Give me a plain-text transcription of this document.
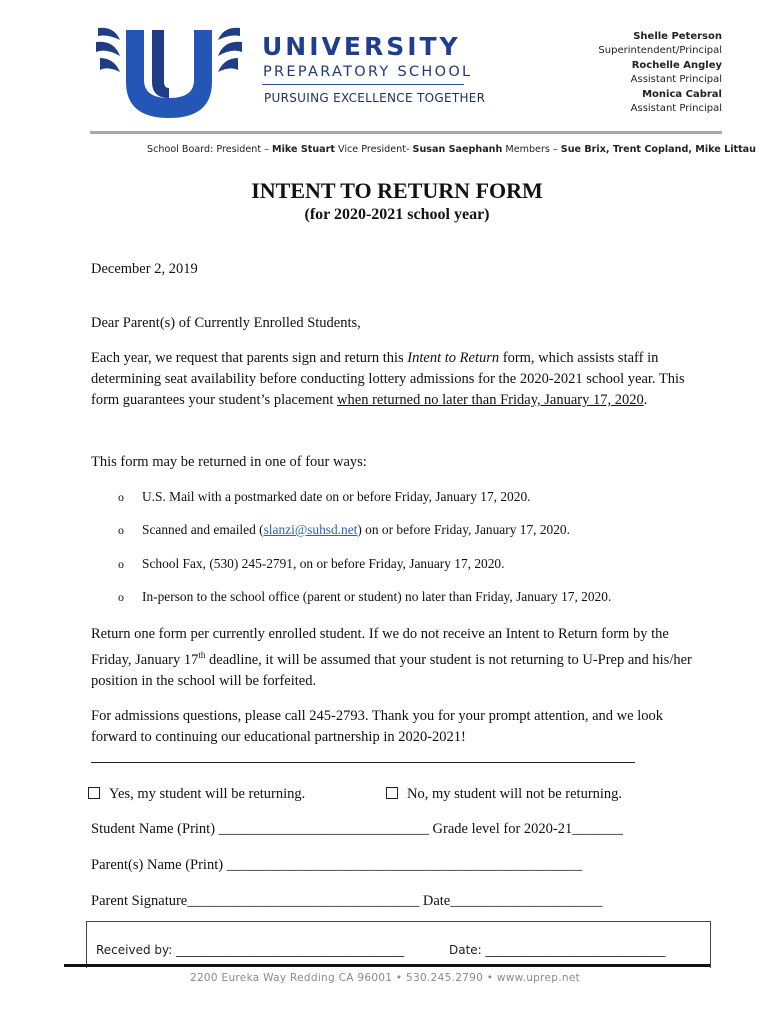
UNIVERSITY
PREPARATORY SCHOOL
PURSUING EXCELLENCE TOGETHER
Shelle Peterson
Superintendent/Principal
Rochelle Angley
Assistant Principal
Monica Cabral
Assistant Principal
School Board: President – Mike Stuart Vice President- Susan Saephanh Members – Sue Brix, Trent Copland, Mike Littau
INTENT TO RETURN FORM
(for 2020-2021 school year)
December 2, 2019
Dear Parent(s) of Currently Enrolled Students,
Each year, we request that parents sign and return this Intent to Return form, which assists staff in determining seat availability before conducting lottery admissions for the 2020-2021 school year. This form guarantees your student’s placement when returned no later than Friday, January 17, 2020.
This form may be returned in one of four ways:
o U.S. Mail with a postmarked date on or before Friday, January 17, 2020.
o Scanned and emailed (slanzi@suhsd.net) on or before Friday, January 17, 2020.
o School Fax, (530) 245-2791, on or before Friday, January 17, 2020.
o In-person to the school office (parent or student) no later than Friday, January 17, 2020.
Return one form per currently enrolled student. If we do not receive an Intent to Return form by the Friday, January 17th deadline, it will be assumed that your student is not returning to U-Prep and his/her position in the school will be forfeited.
For admissions questions, please call 245-2793. Thank you for your prompt attention, and we look forward to continuing our educational partnership in 2020-2021!
Yes, my student will be returning.	No, my student will not be returning.
Student Name (Print) _____________________________ Grade level for 2020-21_______
Parent(s) Name (Print) _________________________________________________
Parent Signature________________________________ Date_____________________
Received by: ______________________________________	Date: ______________________________
2200 Eureka Way Redding CA 96001 • 530.245.2790 • www.uprep.net
